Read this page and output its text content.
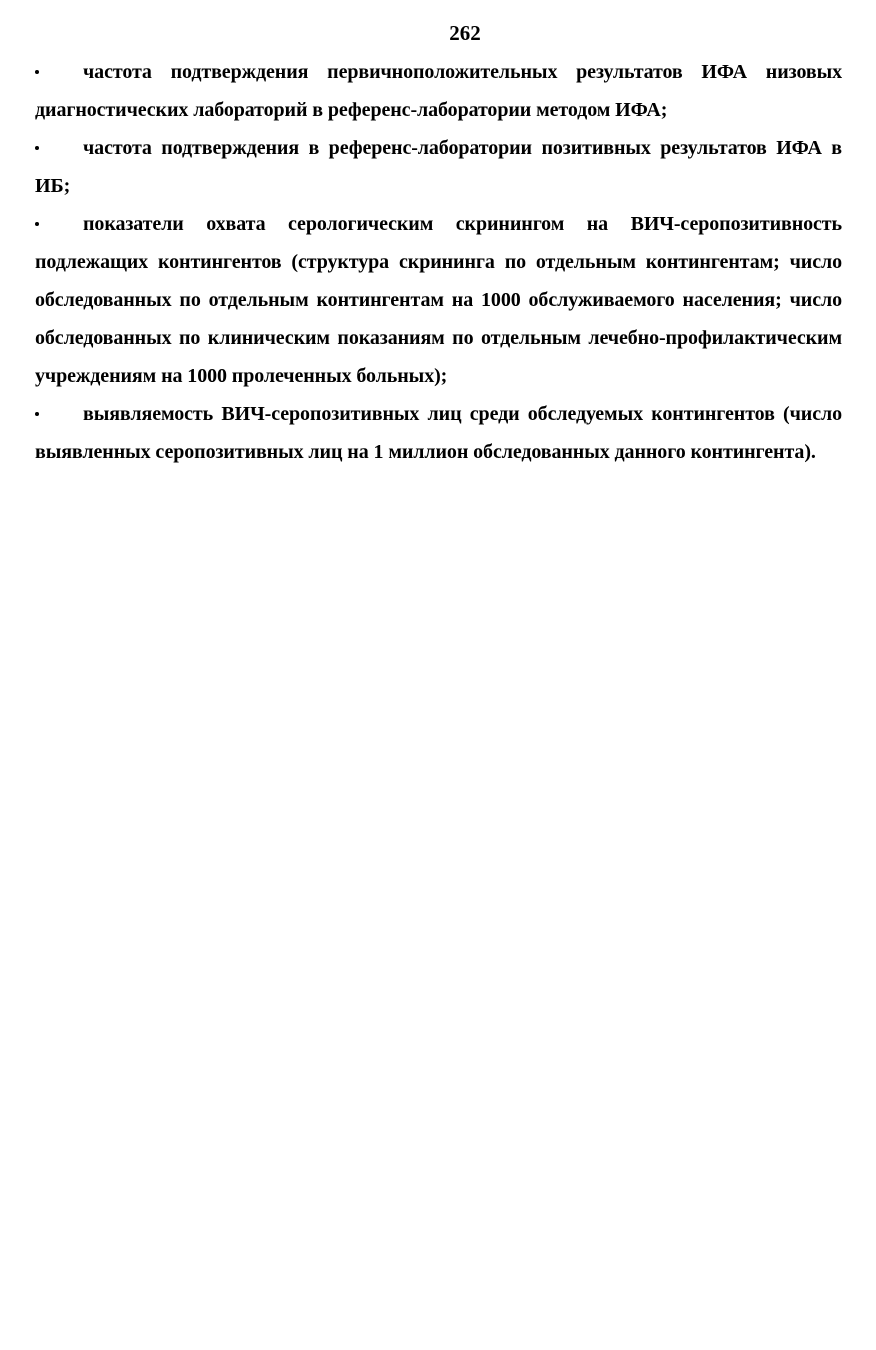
262

частота подтверждения первичноположительных результатов ИФА низовых диагностических лабораторий в референс-лаборатории методом ИФА;

частота подтверждения в референс-лаборатории позитивных результатов ИФА в ИБ;

показатели охвата серологическим скринингом на ВИЧ-серопозитивность подлежащих контингентов (структура скрининга по отдельным контингентам; число обследованных по отдельным контингентам на 1000 обслуживаемого населения; число обследованных по клиническим показаниям по отдельным лечебно-профилактическим учреждениям на 1000 пролеченных больных);

выявляемость ВИЧ-серопозитивных лиц среди обследуемых контингентов (число выявленных серопозитивных лиц на 1 миллион обследованных данного контингента).
